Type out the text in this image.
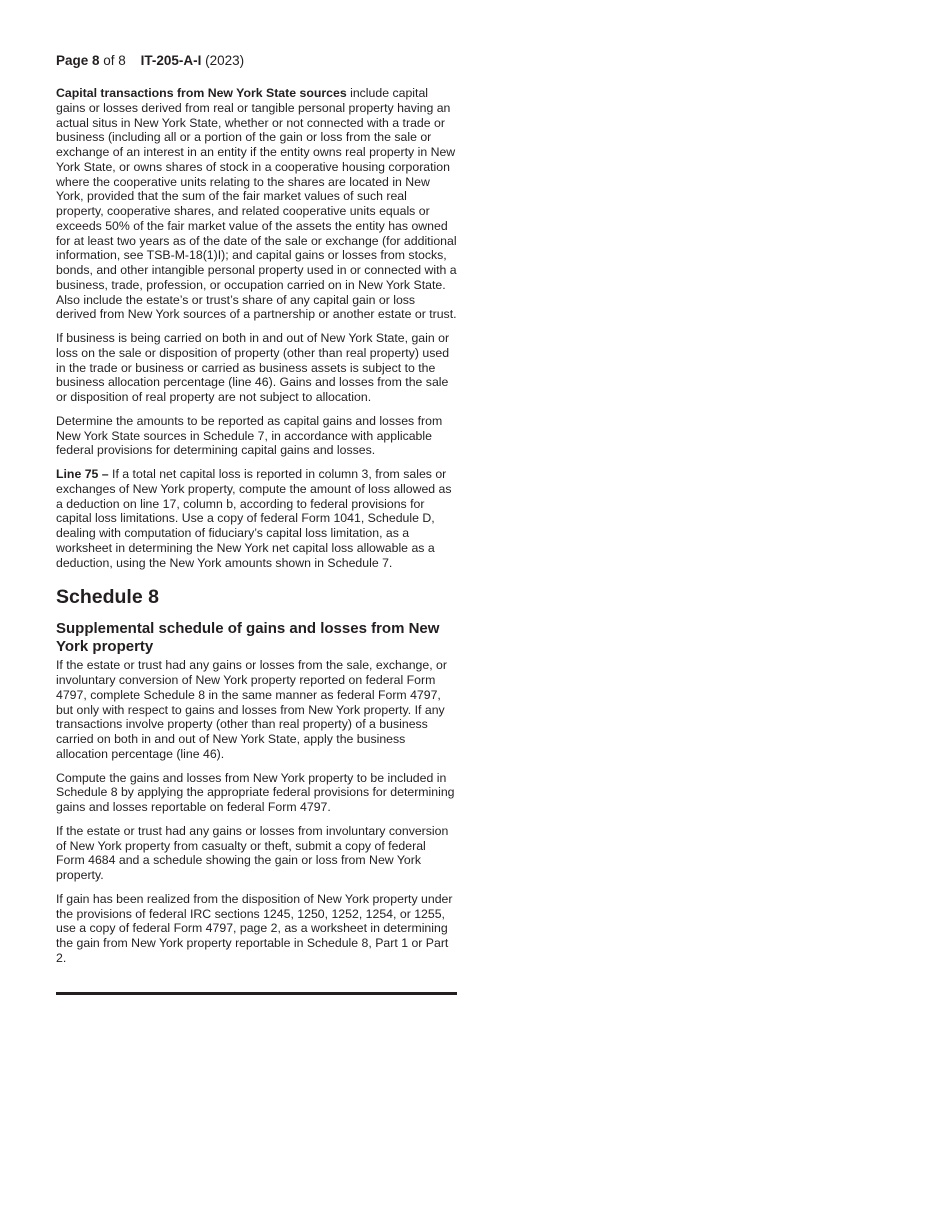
Page 8 of 8 IT-205-A-I (2023)

Capital transactions from New York State sources include capital gains or losses derived from real or tangible personal property having an actual situs in New York State, whether or not connected with a trade or business (including all or a portion of the gain or loss from the sale or exchange of an interest in an entity if the entity owns real property in New York State, or owns shares of stock in a cooperative housing corporation where the cooperative units relating to the shares are located in New York, provided that the sum of the fair market values of such real property, cooperative shares, and related cooperative units equals or exceeds 50% of the fair market value of the assets the entity has owned for at least two years as of the date of the sale or exchange (for additional information, see TSB-M-18(1)I); and capital gains or losses from stocks, bonds, and other intangible personal property used in or connected with a business, trade, profession, or occupation carried on in New York State. Also include the estate’s or trust’s share of any capital gain or loss derived from New York sources of a partnership or another estate or trust.

If business is being carried on both in and out of New York State, gain or loss on the sale or disposition of property (other than real property) used in the trade or business or carried as business assets is subject to the business allocation percentage (line 46). Gains and losses from the sale or disposition of real property are not subject to allocation.

Determine the amounts to be reported as capital gains and losses from New York State sources in Schedule 7, in accordance with applicable federal provisions for determining capital gains and losses.

Line 75 – If a total net capital loss is reported in column 3, from sales or exchanges of New York property, compute the amount of loss allowed as a deduction on line 17, column b, according to federal provisions for capital loss limitations. Use a copy of federal Form 1041, Schedule D, dealing with computation of fiduciary’s capital loss limitation, as a worksheet in determining the New York net capital loss allowable as a deduction, using the New York amounts shown in Schedule 7.

Schedule 8
Supplemental schedule of gains and losses from New York property

If the estate or trust had any gains or losses from the sale, exchange, or involuntary conversion of New York property reported on federal Form 4797, complete Schedule 8 in the same manner as federal Form 4797, but only with respect to gains and losses from New York property. If any transactions involve property (other than real property) of a business carried on both in and out of New York State, apply the business allocation percentage (line 46).

Compute the gains and losses from New York property to be included in Schedule 8 by applying the appropriate federal provisions for determining gains and losses reportable on federal Form 4797.

If the estate or trust had any gains or losses from involuntary conversion of New York property from casualty or theft, submit a copy of federal Form 4684 and a schedule showing the gain or loss from New York property.

If gain has been realized from the disposition of New York property under the provisions of federal IRC sections 1245, 1250, 1252, 1254, or 1255, use a copy of federal Form 4797, page 2, as a worksheet in determining the gain from New York property reportable in Schedule 8, Part 1 or Part 2.
